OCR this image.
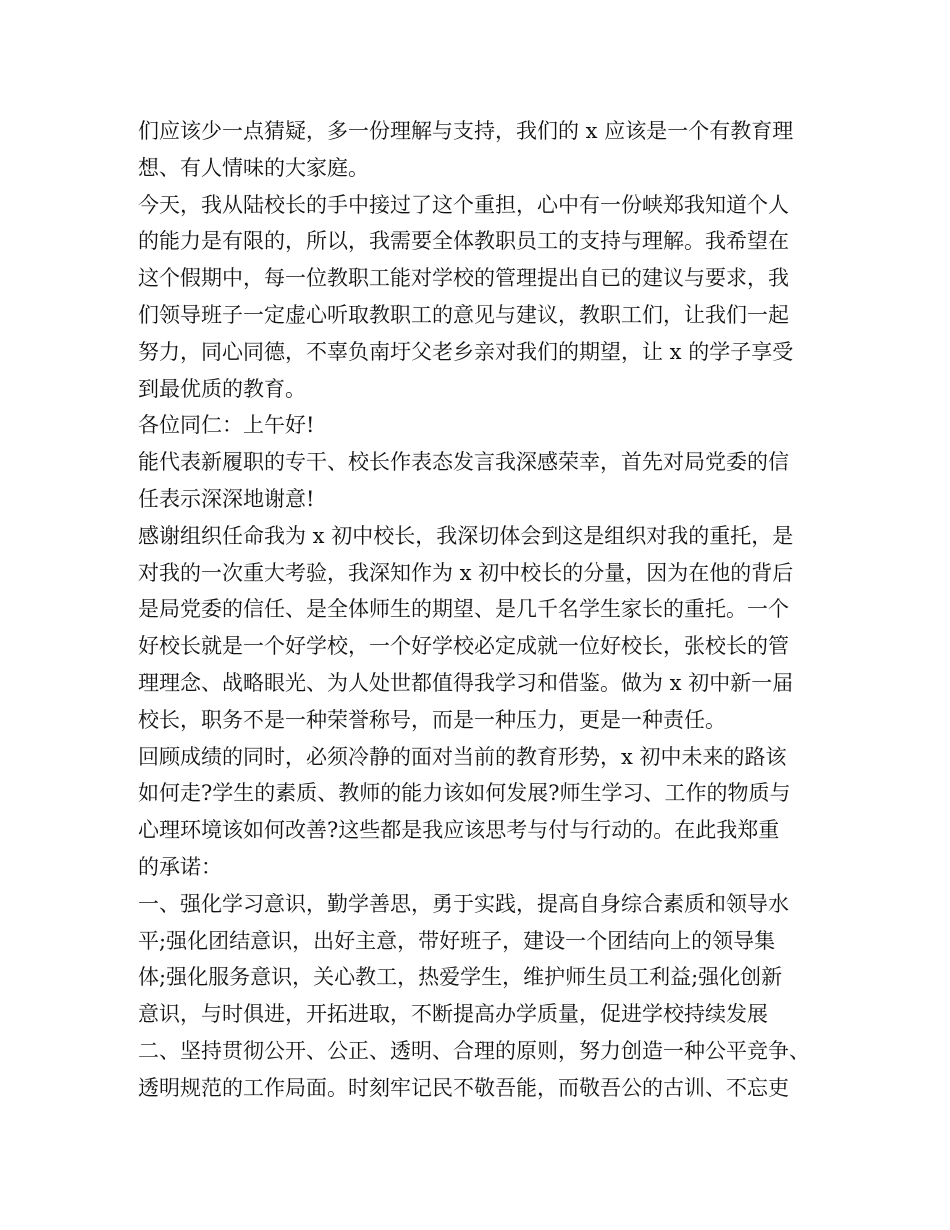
们应该少一点猜疑，多一份理解与支持，我们的 x 应该是一个有教育理
想、有人情味的大家庭。
今天，我从陆校长的手中接过了这个重担，心中有一份峡郑我知道个人
的能力是有限的，所以，我需要全体教职员工的支持与理解。我希望在
这个假期中，每一位教职工能对学校的管理提出自已的建议与要求，我
们领导班子一定虚心听取教职工的意见与建议，教职工们，让我们一起
努力，同心同德，不辜负南圩父老乡亲对我们的期望，让 x 的学子享受
到最优质的教育。
各位同仁：上午好!
能代表新履职的专干、校长作表态发言我深感荣幸，首先对局党委的信
任表示深深地谢意!
感谢组织任命我为 x 初中校长，我深切体会到这是组织对我的重托，是
对我的一次重大考验，我深知作为 x 初中校长的分量，因为在他的背后
是局党委的信任、是全体师生的期望、是几千名学生家长的重托。一个
好校长就是一个好学校，一个好学校必定成就一位好校长，张校长的管
理理念、战略眼光、为人处世都值得我学习和借鉴。做为 x 初中新一届
校长，职务不是一种荣誉称号，而是一种压力，更是一种责任。
回顾成绩的同时，必须冷静的面对当前的教育形势，x 初中未来的路该
如何走?学生的素质、教师的能力该如何发展?师生学习、工作的物质与
心理环境该如何改善?这些都是我应该思考与付与行动的。在此我郑重
的承诺：
一、强化学习意识，勤学善思，勇于实践，提高自身综合素质和领导水
平;强化团结意识，出好主意，带好班子，建设一个团结向上的领导集
体;强化服务意识，关心教工，热爱学生，维护师生员工利益;强化创新
意识，与时俱进，开拓进取，不断提高办学质量，促进学校持续发展
二、坚持贯彻公开、公正、透明、合理的原则，努力创造一种公平竞争、
透明规范的工作局面。时刻牢记民不敬吾能，而敬吾公的古训、不忘吏
